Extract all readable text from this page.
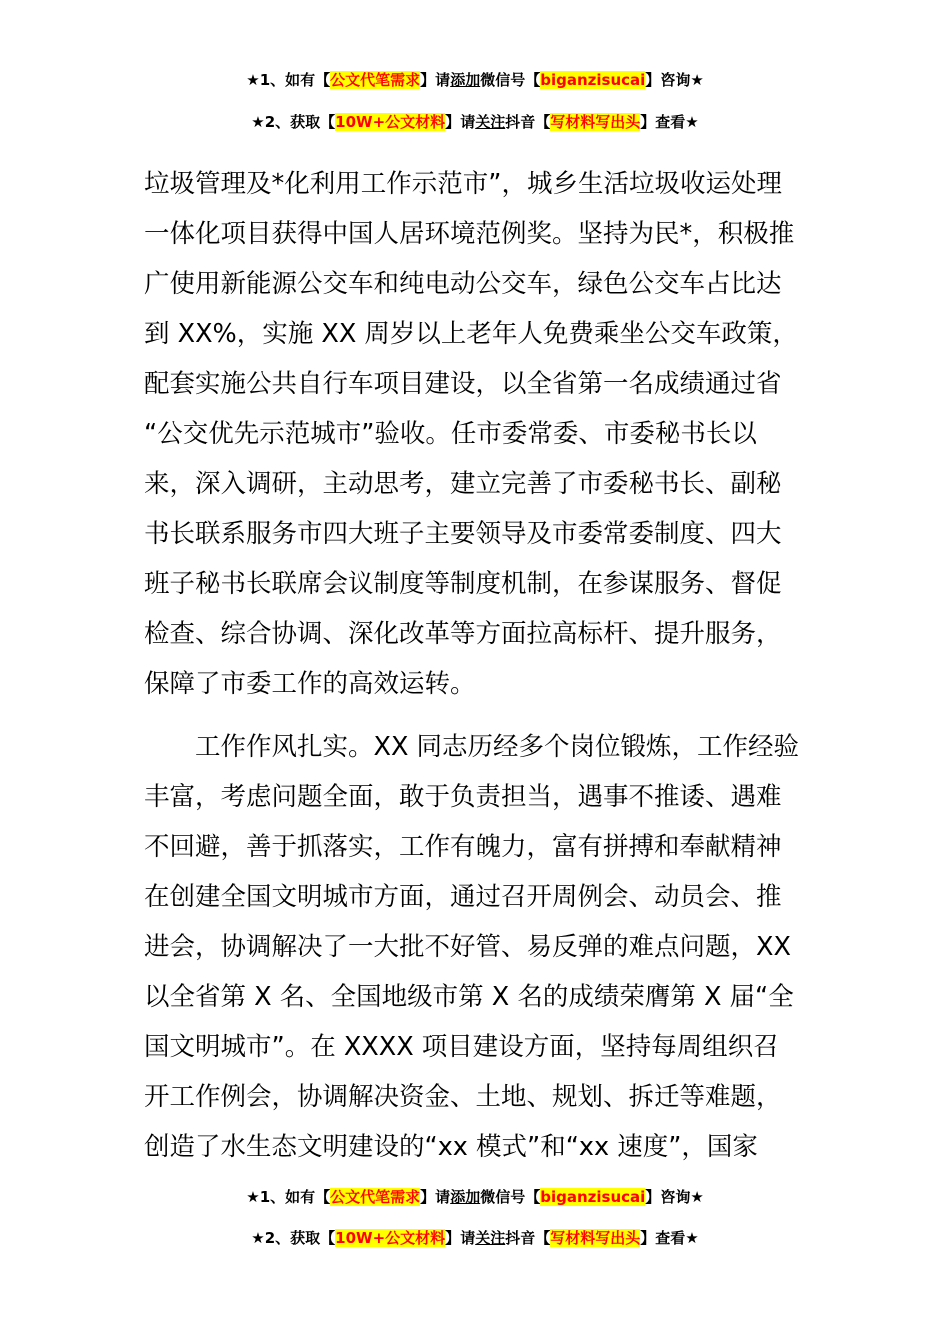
★1、如有【公文代笔需求】请添加微信号【biganzisucai】咨询★
★2、获取【10W+公文材料】请关注抖音【写材料写出头】查看★
垃圾管理及*化利用工作示范市”，城乡生活垃圾收运处理
一体化项目获得中国人居环境范例奖。坚持为民*，积极推
广使用新能源公交车和纯电动公交车，绿色公交车占比达
到 XX%，实施 XX 周岁以上老年人免费乘坐公交车政策，
配套实施公共自行车项目建设，以全省第一名成绩通过省
“公交优先示范城市”验收。任市委常委、市委秘书长以
来，深入调研，主动思考，建立完善了市委秘书长、副秘
书长联系服务市四大班子主要领导及市委常委制度、四大
班子秘书长联席会议制度等制度机制，在参谋服务、督促
检查、综合协调、深化改革等方面拉高标杆、提升服务，
保障了市委工作的高效运转。
　　工作作风扎实。XX 同志历经多个岗位锻炼，工作经验
丰富，考虑问题全面，敢于负责担当，遇事不推诿、遇难
不回避，善于抓落实，工作有魄力，富有拼搏和奉献精神
在创建全国文明城市方面，通过召开周例会、动员会、推
进会，协调解决了一大批不好管、易反弹的难点问题，XX
以全省第 X 名、全国地级市第 X 名的成绩荣膺第 X 届“全
国文明城市”。在 XXXX 项目建设方面，坚持每周组织召
开工作例会，协调解决资金、土地、规划、拆迁等难题，
创造了水生态文明建设的“xx 模式”和“xx 速度”，国家
★1、如有【公文代笔需求】请添加微信号【biganzisucai】咨询★
★2、获取【10W+公文材料】请关注抖音【写材料写出头】查看★
